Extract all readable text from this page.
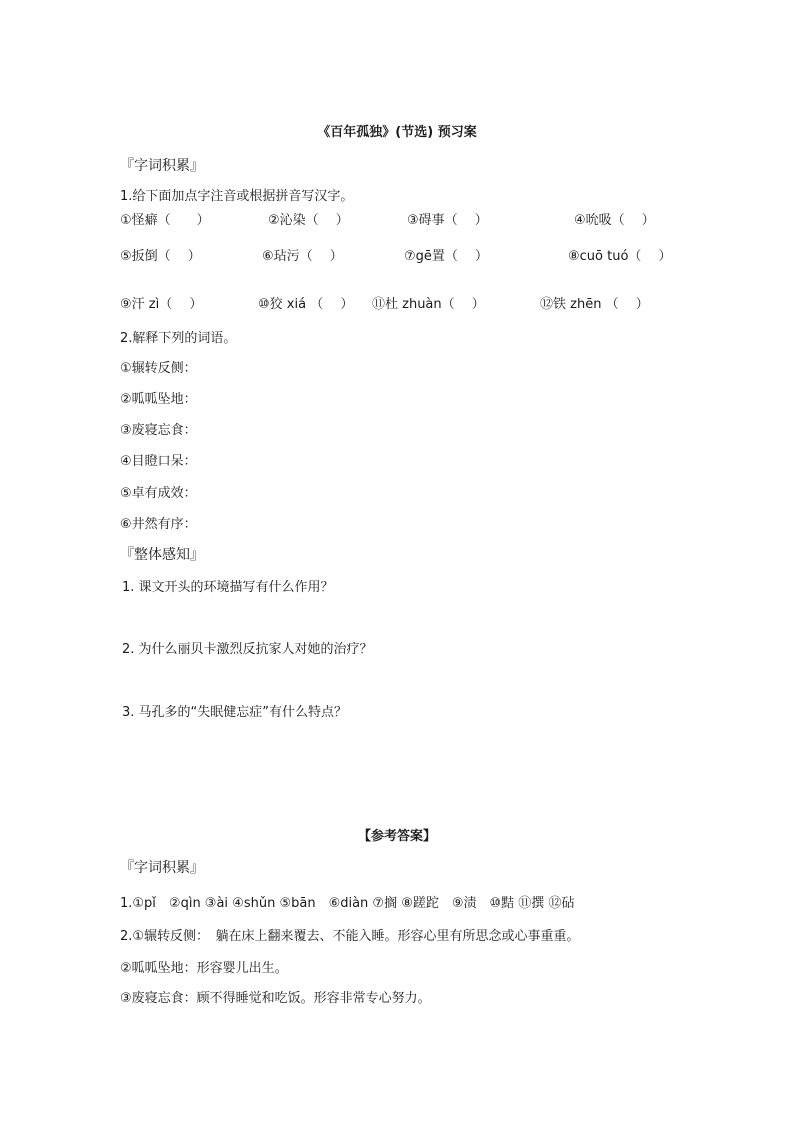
《百年孤独》(节选) 预习案
『字词积累』
1.给下面加点字注音或根据拼音写汉字。
①怪癖（　　）	②沁染（　 ）	③碍事（　 ）	④吮吸（　 ）
⑤扳倒（　 ）	⑥玷污（　 ）	⑦gē置（　 ）	⑧cuō tuó（　 ）
⑨汗 zì（　 ）	⑩狡 xiá （　 ） ⑪杜 zhuàn（　 ）	⑫铁 zhēn （　 ）
2.解释下列的词语。
①辗转反侧：
②呱呱坠地：
③废寝忘食：
④目瞪口呆：
⑤卓有成效：
⑥井然有序：
『整体感知』
1. 课文开头的环境描写有什么作用？
2. 为什么丽贝卡激烈反抗家人对她的治疗？
3. 马孔多的“失眠健忘症”有什么特点？
【参考答案】
『字词积累』
1.①pǐ　②qìn ③ài ④shǔn ⑤bān　⑥diàn ⑦搁 ⑧蹉跎　⑨渍　⑩黠 ⑪撰 ⑫砧
2.①辗转反侧：　躺在床上翻来覆去、不能入睡。形容心里有所思念或心事重重。
②呱呱坠地：形容婴儿出生。
③废寝忘食：顾不得睡觉和吃饭。形容非常专心努力。
